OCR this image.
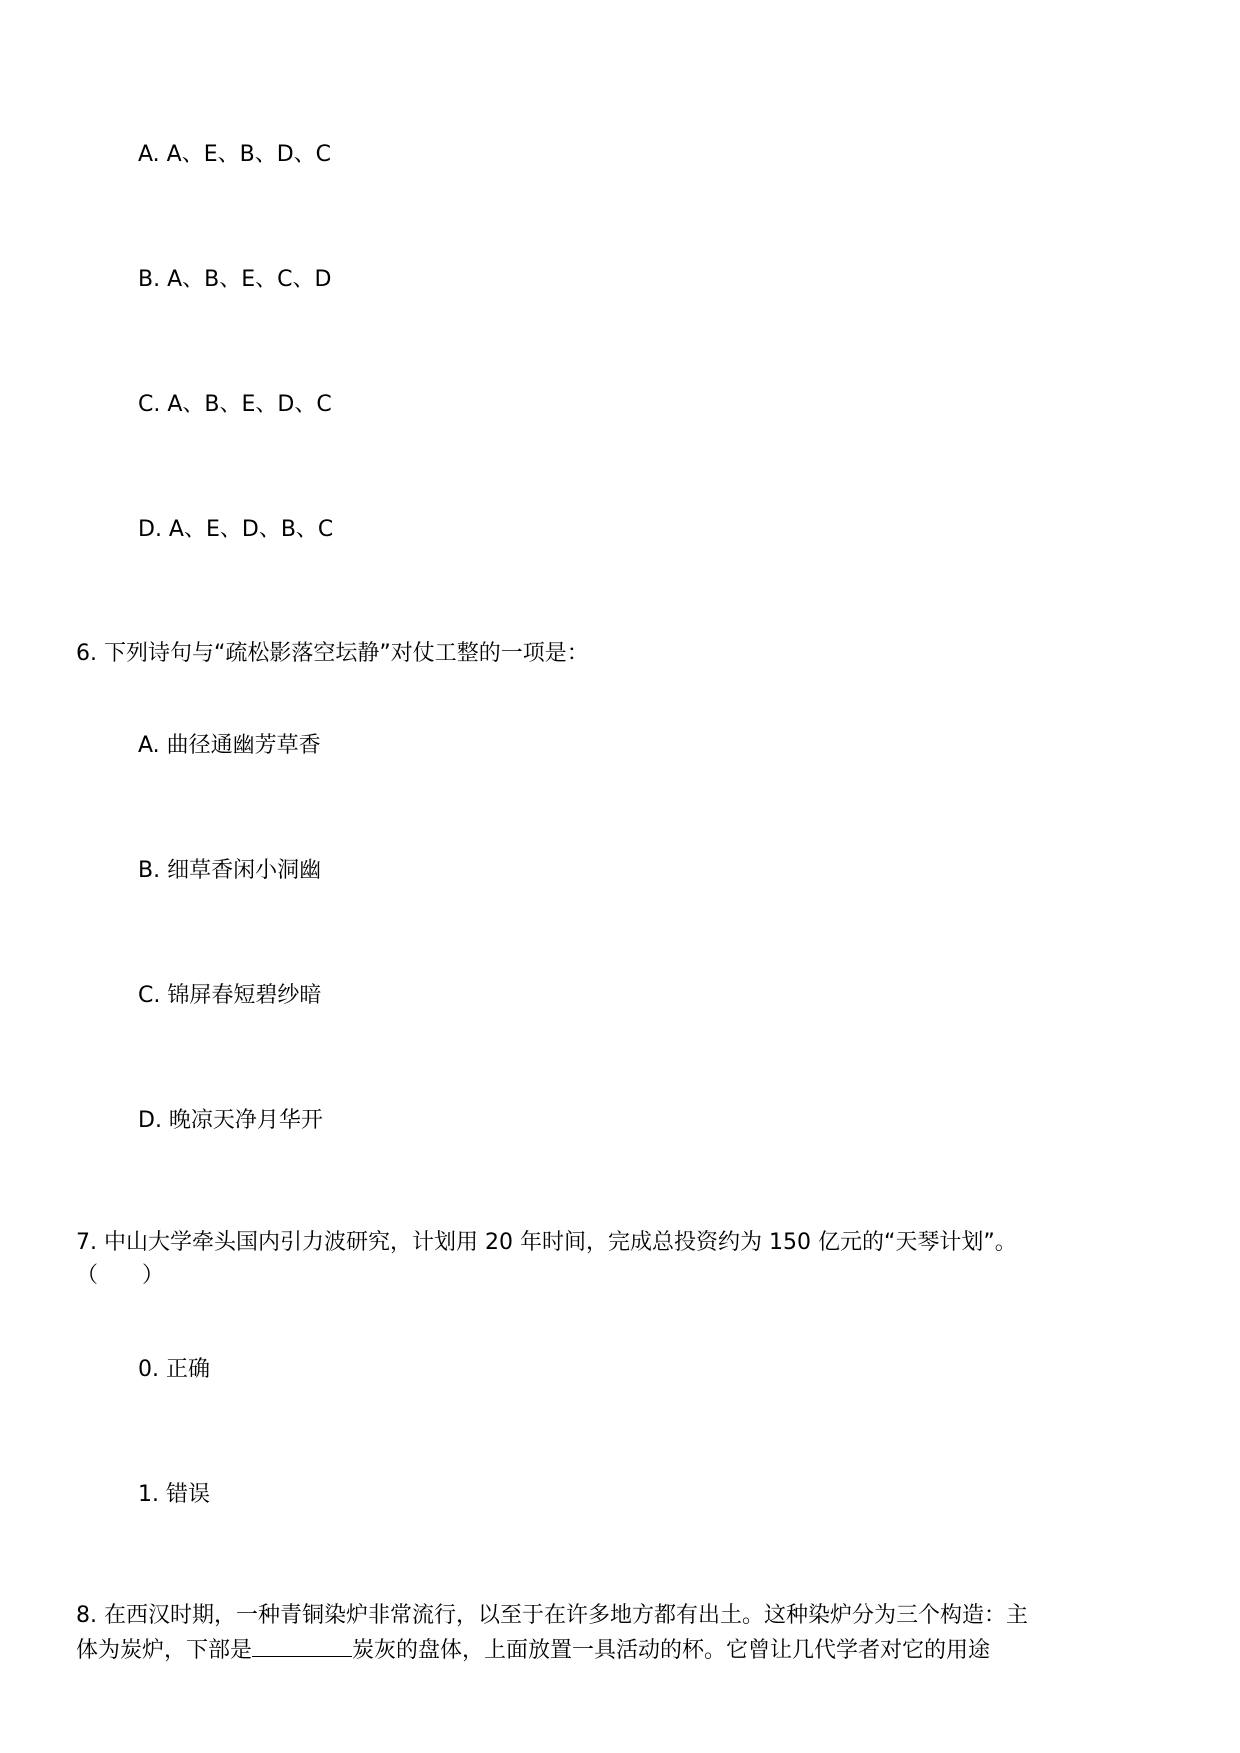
A. A、E、B、D、C

B. A、B、E、C、D

C. A、B、E、D、C

D. A、E、D、B、C

6. 下列诗句与“疏松影落空坛静”对仗工整的一项是：

A. 曲径通幽芳草香

B. 细草香闲小洞幽

C. 锦屏春短碧纱暗

D. 晚凉天净月华开

7. 中山大学牵头国内引力波研究，计划用 20 年时间，完成总投资约为 150 亿元的“天琴计划”。

（　　）

0. 正确

1. 错误

8. 在西汉时期，一种青铜染炉非常流行，以至于在许多地方都有出土。这种染炉分为三个构造：主

体为炭炉，下部是	炭灰的盘体，上面放置一具活动的杯。它曾让几代学者对它的用途
